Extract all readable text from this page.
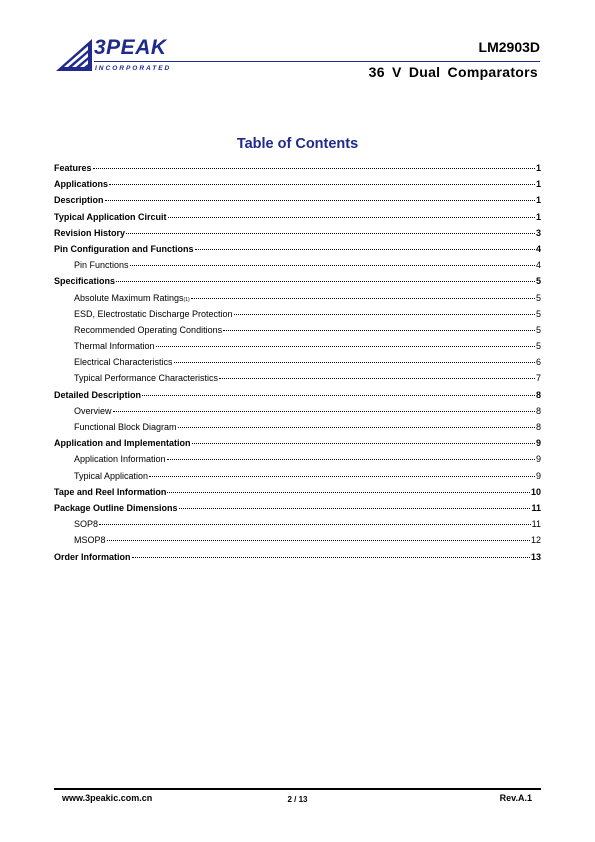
3PEAK
INCORPORATED
LM2903D
36 V Dual Comparators
Table of Contents
Features	1
Applications	1
Description	1
Typical Application Circuit	1
Revision History	3
Pin Configuration and Functions	4
Pin Functions	4
Specifications	5
Absolute Maximum Ratings$_{(1)}$	5
ESD, Electrostatic Discharge Protection	5
Recommended Operating Conditions	5
Thermal Information	5
Electrical Characteristics	6
Typical Performance Characteristics	7
Detailed Description	8
Overview	8
Functional Block Diagram	8
Application and Implementation	9
Application Information	9
Typical Application	9
Tape and Reel Information	10
Package Outline Dimensions	11
SOP8	11
MSOP8	12
Order Information	13
www.3peakic.com.cn	2 / 13	Rev.A.1
